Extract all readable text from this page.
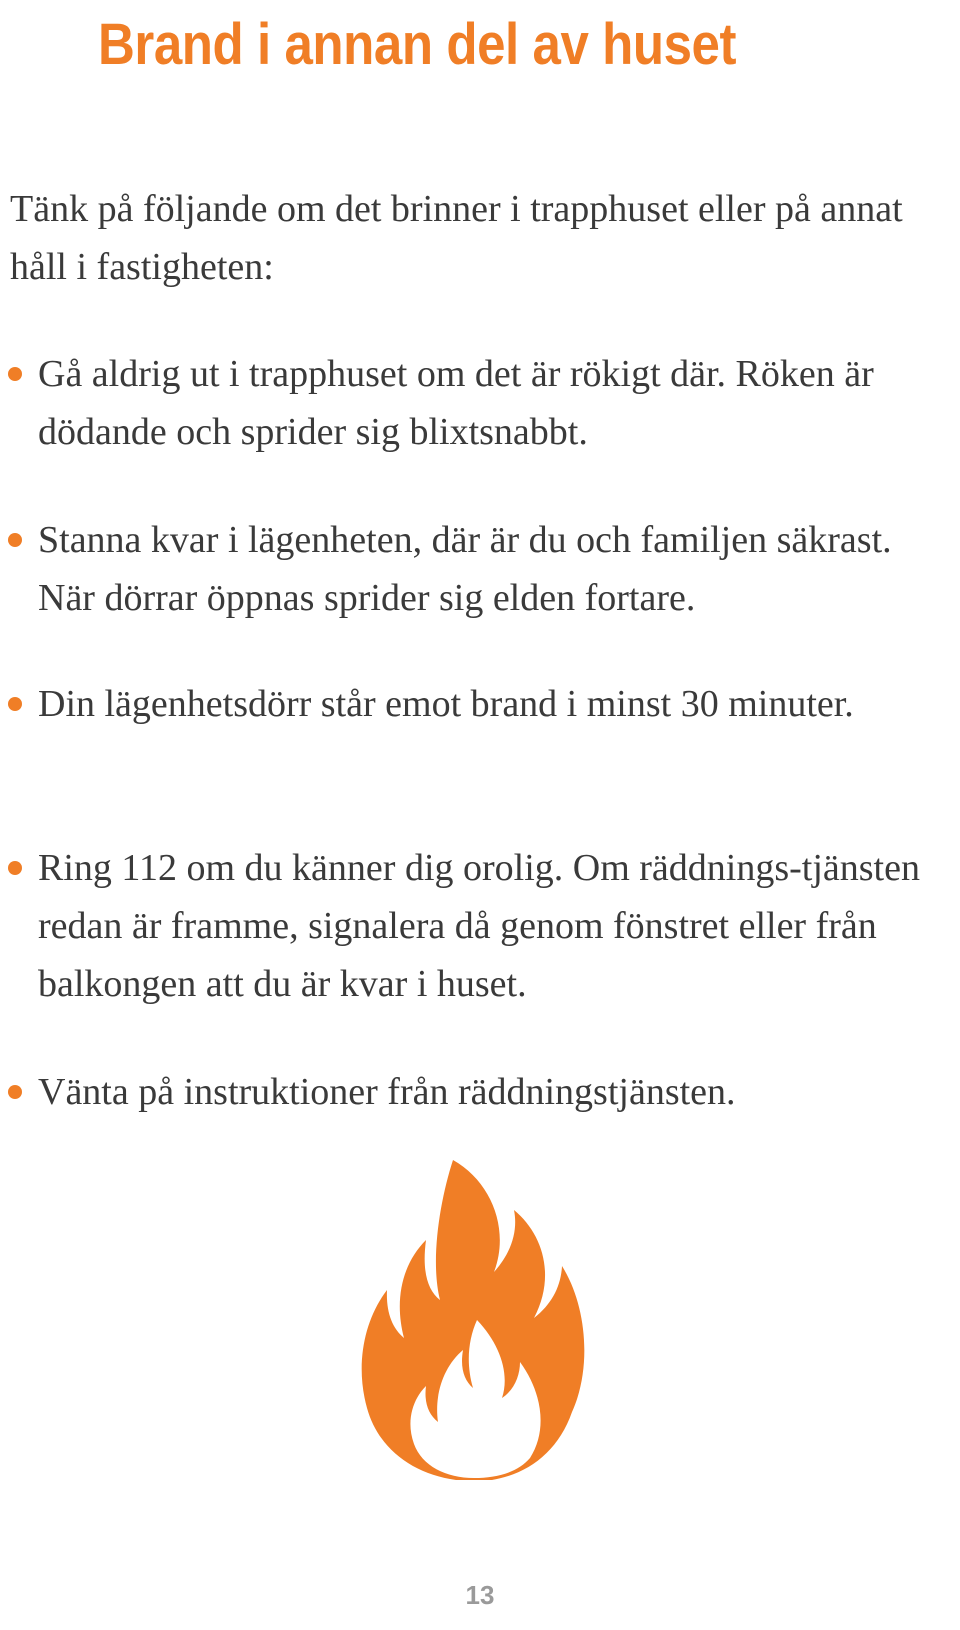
Brand i annan del av huset

Tänk på följande om det brinner i trapphuset eller på annat håll i fastigheten:

Gå aldrig ut i trapphuset om det är rökigt där. Röken är dödande och sprider sig blixtsnabbt.
Stanna kvar i lägenheten, där är du och familjen säkrast. När dörrar öppnas sprider sig elden fortare.
Din lägenhetsdörr står emot brand i minst 30 minuter.
Ring 112 om du känner dig orolig. Om räddnings-tjänsten redan är framme, signalera då genom fönstret eller från balkongen att du är kvar i huset.
Vänta på instruktioner från räddningstjänsten.
13
